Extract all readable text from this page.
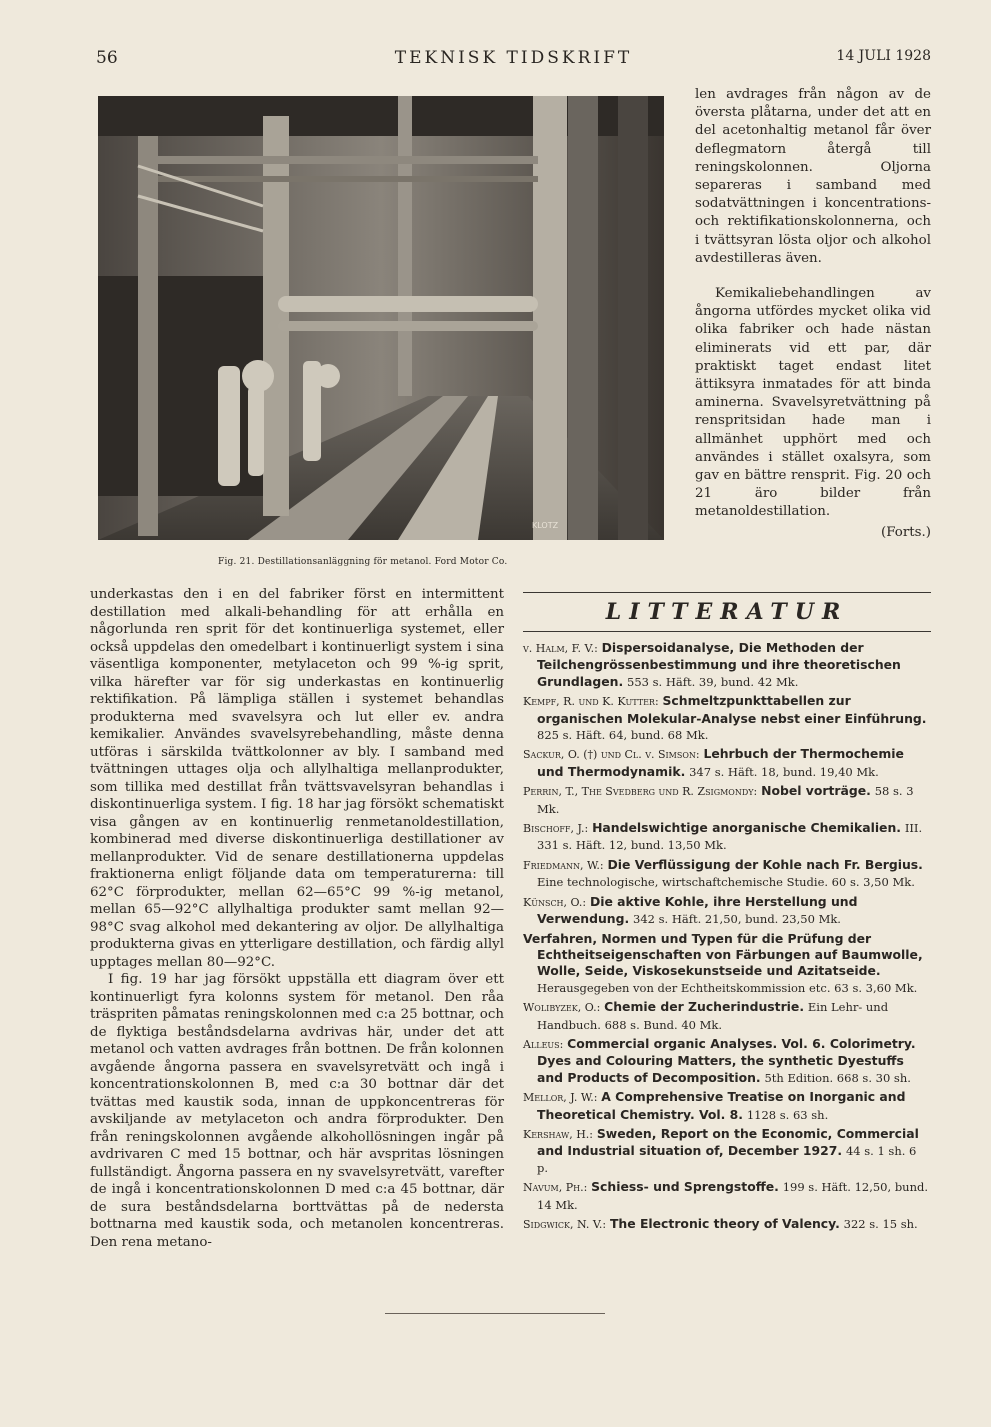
56	TEKNISK TIDSKRIFT	14 JULI 1928
KLOTZ
Fig. 21. Destillationsanläggning för metanol. Ford Motor Co.

len avdrages från någon av de översta plåtarna, under det att en del acetonhaltig metanol får över deflegmatorn återgå till reningskolonnen. Oljorna separeras i samband med sodatvättningen i koncentrations- och rektifikationskolonnerna, och i tvättsyran lösta oljor och alkohol avdestilleras även.

Kemikaliebehandlingen av ångorna utfördes mycket olika vid olika fabriker och hade nästan eliminerats vid ett par, där praktiskt taget endast litet ättiksyra inmatades för att binda aminerna. Svavelsyretvättning på renspritsidan hade man i allmänhet upphört med och användes i stället oxalsyra, som gav en bättre rensprit. Fig. 20 och 21 äro bilder från metanoldestillation.

(Forts.)

underkastas den i en del fabriker först en intermittent destillation med alkali-behandling för att erhålla en någorlunda ren sprit för det kontinuerliga systemet, eller också uppdelas den omedelbart i kontinuerligt system i sina väsentliga komponenter, metylaceton och 99 %-ig sprit, vilka härefter var för sig underkastas en kontinuerlig rektifikation. På lämpliga ställen i systemet behandlas produkterna med svavelsyra och lut eller ev. andra kemikalier. Användes svavelsyrebehandling, måste denna utföras i särskilda tvättkolonner av bly. I samband med tvättningen uttages olja och allylhaltiga mellanprodukter, som tillika med destillat från tvättsvavelsyran behandlas i diskontinuerliga system. I fig. 18 har jag försökt schematiskt visa gången av en kontinuerlig renmetanoldestillation, kombinerad med diverse diskontinuerliga destillationer av mellanprodukter. Vid de senare destillationerna uppdelas fraktionerna enligt följande data om temperaturerna: till 62°C förprodukter, mellan 62—65°C 99 %-ig metanol, mellan 65—92°C allylhaltiga produkter samt mellan 92—98°C svag alkohol med dekantering av oljor. De allylhaltiga produkterna givas en ytterligare destillation, och färdig allyl upptages mellan 80—92°C.

I fig. 19 har jag försökt uppställa ett diagram över ett kontinuerligt fyra kolonns system för metanol. Den råa träspriten påmatas reningskolonnen med c:a 25 bottnar, och de flyktiga beståndsdelarna avdrivas här, under det att metanol och vatten avdrages från bottnen. De från kolonnen avgående ångorna passera en svavelsyretvätt och ingå i koncentrationskolonnen B, med c:a 30 bottnar där det tvättas med kaustik soda, innan de uppkoncentreras för avskiljande av metylaceton och andra förprodukter. Den från reningskolonnen avgående alkohollösningen ingår på avdrivaren C med 15 bottnar, och här avspritas lösningen fullständigt. Ångorna passera en ny svavelsyretvätt, varefter de ingå i koncentrationskolonnen D med c:a 45 bottnar, där de sura beståndsdelarna borttvättas på de nedersta bottnarna med kaustik soda, och metanolen koncentreras. Den rena metano-

LITTERATUR
v. Halm, F. V.: Dispersoidanalyse, Die Methoden der Teilchengrössenbestimmung und ihre theoretischen Grundlagen. 553 s. Häft. 39, bund. 42 Mk.
Kempf, R. und K. Kutter: Schmeltzpunkttabellen zur organischen Molekular-Analyse nebst einer Einführung. 825 s. Häft. 64, bund. 68 Mk.
Sackur, O. (†) und Cl. v. Simson: Lehrbuch der Thermochemie und Thermodynamik. 347 s. Häft. 18, bund. 19,40 Mk.
Perrin, T., The Svedberg und R. Zsigmondy: Nobel vorträge. 58 s. 3 Mk.
Bischoff, J.: Handelswichtige anorganische Chemikalien. III. 331 s. Häft. 12, bund. 13,50 Mk.
Friedmann, W.: Die Verflüssigung der Kohle nach Fr. Bergius. Eine technologische, wirtschaftchemische Studie. 60 s. 3,50 Mk.
Künsch, O.: Die aktive Kohle, ihre Herstellung und Verwendung. 342 s. Häft. 21,50, bund. 23,50 Mk.
Verfahren, Normen und Typen für die Prüfung der Echtheitseigenschaften von Färbungen auf Baumwolle, Wolle, Seide, Viskosekunstseide und Azitatseide. Herausgegeben von der Echtheitskommission etc. 63 s. 3,60 Mk.
Wolibyzek, O.: Chemie der Zucherindustrie. Ein Lehr- und Handbuch. 688 s. Bund. 40 Mk.
Alleus: Commercial organic Analyses. Vol. 6. Colorimetry. Dyes and Colouring Matters, the synthetic Dyestuffs and Products of Decomposition. 5th Edition. 668 s. 30 sh.
Mellor, J. W.: A Comprehensive Treatise on Inorganic and Theoretical Chemistry. Vol. 8. 1128 s. 63 sh.
Kershaw, H.: Sweden, Report on the Economic, Commercial and Industrial situation of, December 1927. 44 s. 1 sh. 6 p.
Navum, Ph.: Schiess- und Sprengstoffe. 199 s. Häft. 12,50, bund. 14 Mk.
Sidgwick, N. V.: The Electronic theory of Valency. 322 s. 15 sh.
